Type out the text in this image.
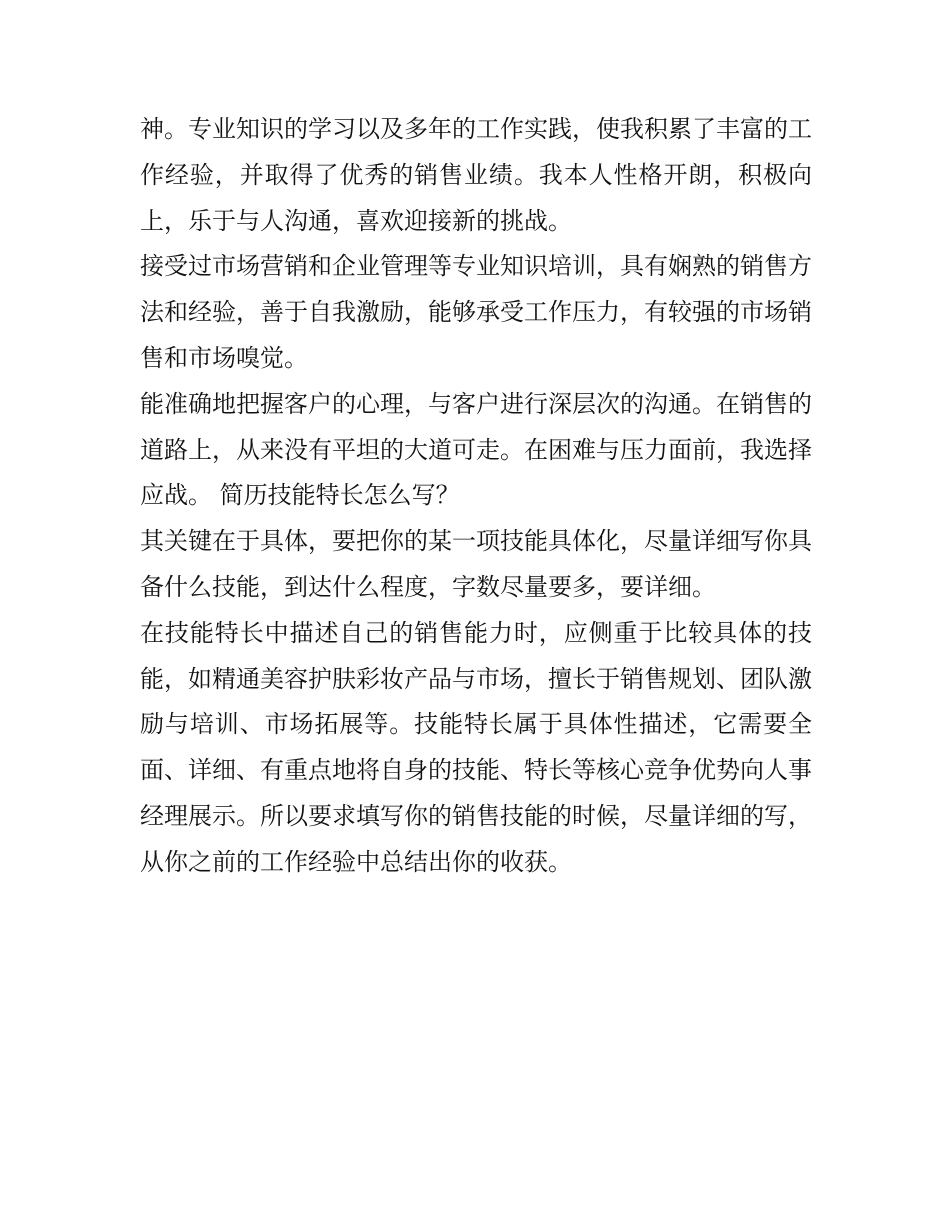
神。专业知识的学习以及多年的工作实践，使我积累了丰富的工作经验，并取得了优秀的销售业绩。我本人性格开朗，积极向上，乐于与人沟通，喜欢迎接新的挑战。

接受过市场营销和企业管理等专业知识培训，具有娴熟的销售方法和经验，善于自我激励，能够承受工作压力，有较强的市场销售和市场嗅觉。

能准确地把握客户的心理，与客户进行深层次的沟通。在销售的道路上，从来没有平坦的大道可走。在困难与压力面前，我选择应战。 简历技能特长怎么写？

其关键在于具体，要把你的某一项技能具体化，尽量详细写你具备什么技能，到达什么程度，字数尽量要多，要详细。

在技能特长中描述自己的销售能力时，应侧重于比较具体的技能，如精通美容护肤彩妆产品与市场，擅长于销售规划、团队激励与培训、市场拓展等。技能特长属于具体性描述，它需要全面、详细、有重点地将自身的技能、特长等核心竞争优势向人事经理展示。所以要求填写你的销售技能的时候，尽量详细的写，从你之前的工作经验中总结出你的收获。
